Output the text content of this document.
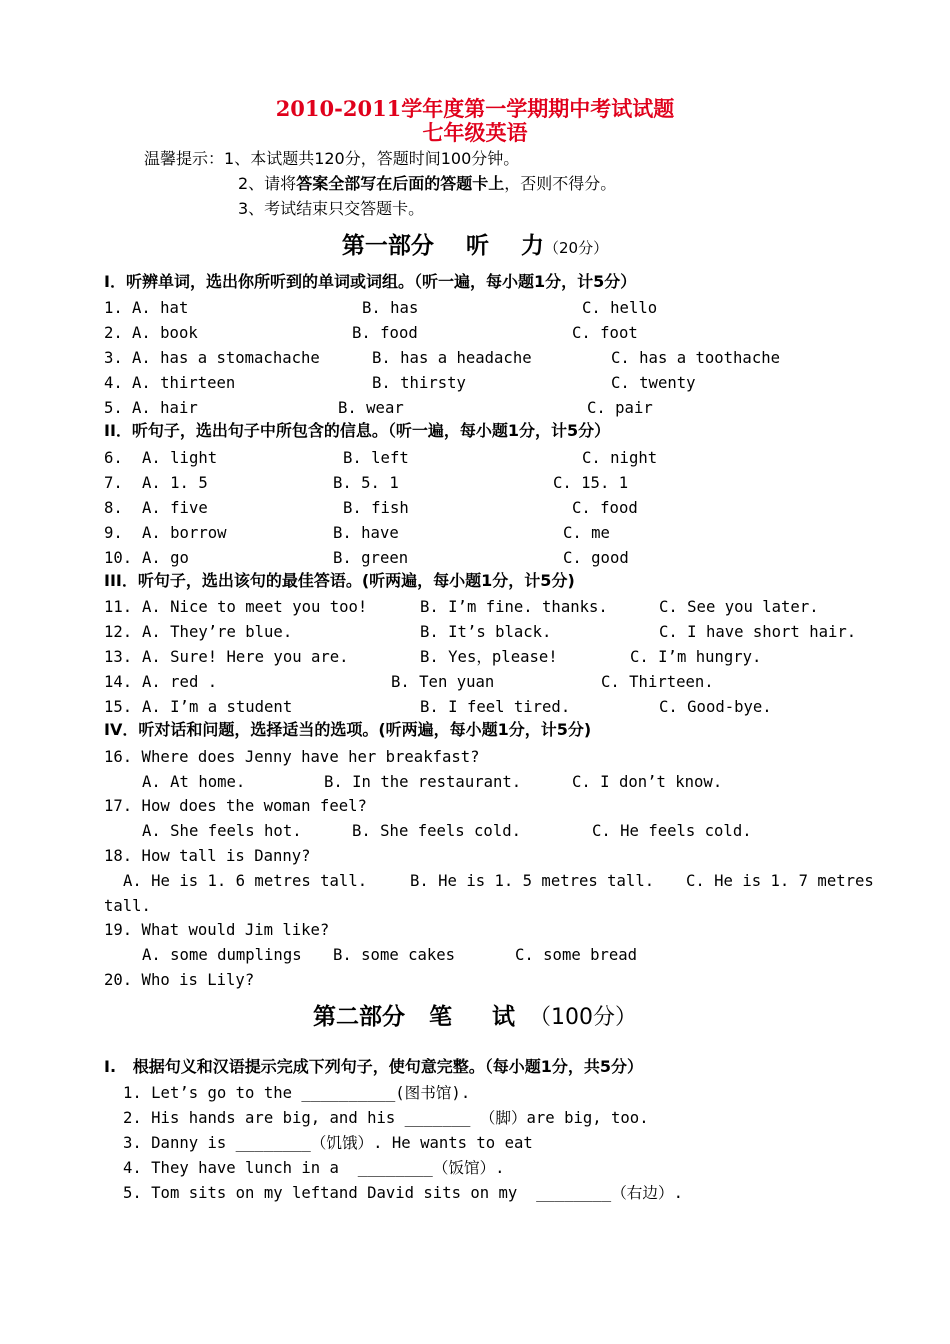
2010-2011学年度第一学期期中考试试题
七年级英语
温馨提示：1、本试题共120分，答题时间100分钟。
2、请将答案全部写在后面的答题卡上，否则不得分。
3、考试结束只交答题卡。
第一部分    听    力（20分）
I．听辨单词，选出你所听到的单词或词组。（听一遍，每小题1分，计5分）
1. A. hat	B. has	C. hello
2. A. book	B. food	C. foot
3. A. has a stomachache	B. has a headache	C. has a toothache
4. A. thirteen	B. thirsty	C. twenty
5. A. hair	B. wear	C. pair
II．听句子，选出句子中所包含的信息。（听一遍，每小题1分，计5分）
6. A. light	B. left	C. night
7. A. 1. 5	B. 5. 1	C. 15. 1
8. A. five	B. fish	C. food
9. A. borrow	B. have	C. me
10. A. go	B. green	C. good
III．听句子，选出该句的最佳答语。(听两遍，每小题1分，计5分)
11. A. Nice to meet you too!	B. I’m fine. thanks.	C. See you later.
12. A. They’re blue.	B. It’s black.	C. I have short hair.
13. A. Sure! Here you are.	B. Yes，please!	C. I’m hungry.
14. A. red .	B. Ten yuan	C. Thirteen.
15. A. I’m a student	B. I feel tired.	C. Good-bye.
IV．听对话和问题，选择适当的选项。(听两遍，每小题1分，计5分)
16. Where does Jenny have her breakfast?
A. At home.	B. In the restaurant.	C. I don’t know.
17. How does the woman feel?
A. She feels hot.	B. She feels cold.	C. He feels cold.
18. How tall is Danny?
A. He is 1. 6 metres tall.	B. He is 1. 5 metres tall. C. He is 1. 7 metres
tall.
19. What would Jim like?
A. some dumplings B. some cakes	C. some bread
20. Who is Lily?
第二部分   笔     试  （100分）
I.   根据句义和汉语提示完成下列句子，使句意完整。（每小题1分，共5分）
1. Let’s go to the __________(图书馆).
2. His hands are big, and his _______ （脚）are big, too.
3. Danny is ________（饥饿）. He wants to eat
4. They have lunch in a  ________（饭馆）.
5. Tom sits on my leftand David sits on my  ________（右边）.
